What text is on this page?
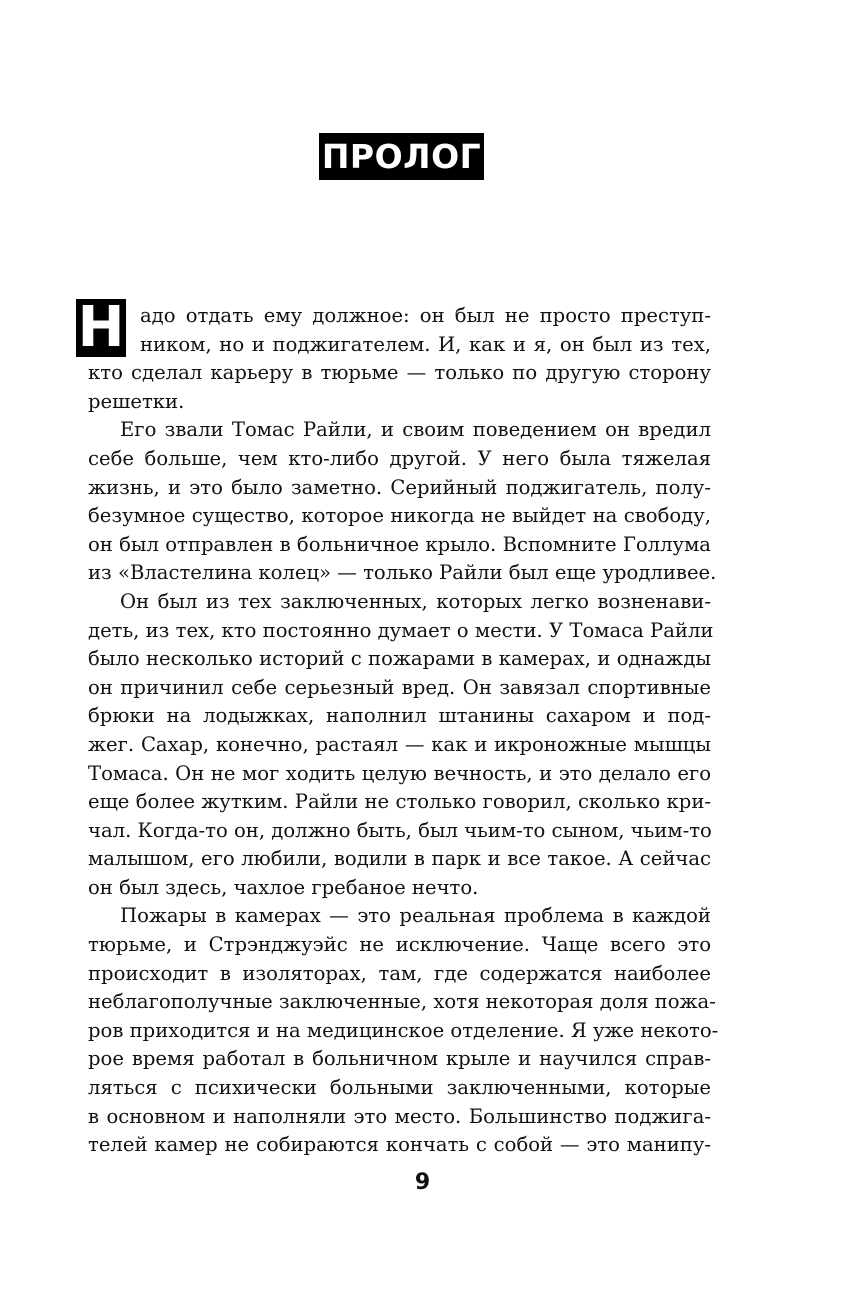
ПРОЛОГ
Н адо отдать ему должное: он был не просто преступ-
ником, но и поджигателем. И, как и я, он был из тех,
кто сделал карьеру в тюрьме — только по другую сторону
решетки.

Его звали Томас Райли, и своим поведением он вредил
себе больше, чем кто-либо другой. У него была тяжелая
жизнь, и это было заметно. Серийный поджигатель, полу-
безумное существо, которое никогда не выйдет на свободу,
он был отправлен в больничное крыло. Вспомните Голлума
из «Властелина колец» — только Райли был еще уродливее.

Он был из тех заключенных, которых легко возненави-
деть, из тех, кто постоянно думает о мести. У Томаса Райли
было несколько историй с пожарами в камерах, и однажды
он причинил себе серьезный вред. Он завязал спортивные
брюки на лодыжках, наполнил штанины сахаром и под-
жег. Сахар, конечно, растаял — как и икроножные мышцы
Томаса. Он не мог ходить целую вечность, и это делало его
еще более жутким. Райли не столько говорил, сколько кри-
чал. Когда-то он, должно быть, был чьим-то сыном, чьим-то
малышом, его любили, водили в парк и все такое. А сейчас
он был здесь, чахлое гребаное нечто.

Пожары в камерах — это реальная проблема в каждой
тюрьме, и Стрэнджуэйс не исключение. Чаще всего это
происходит в изоляторах, там, где содержатся наиболее
неблагополучные заключенные, хотя некоторая доля пожа-
ров приходится и на медицинское отделение. Я уже некото-
рое время работал в больничном крыле и научился справ-
ляться с психически больными заключенными, которые
в основном и наполняли это место. Большинство поджига-
телей камер не собираются кончать с собой — это манипу-

9
